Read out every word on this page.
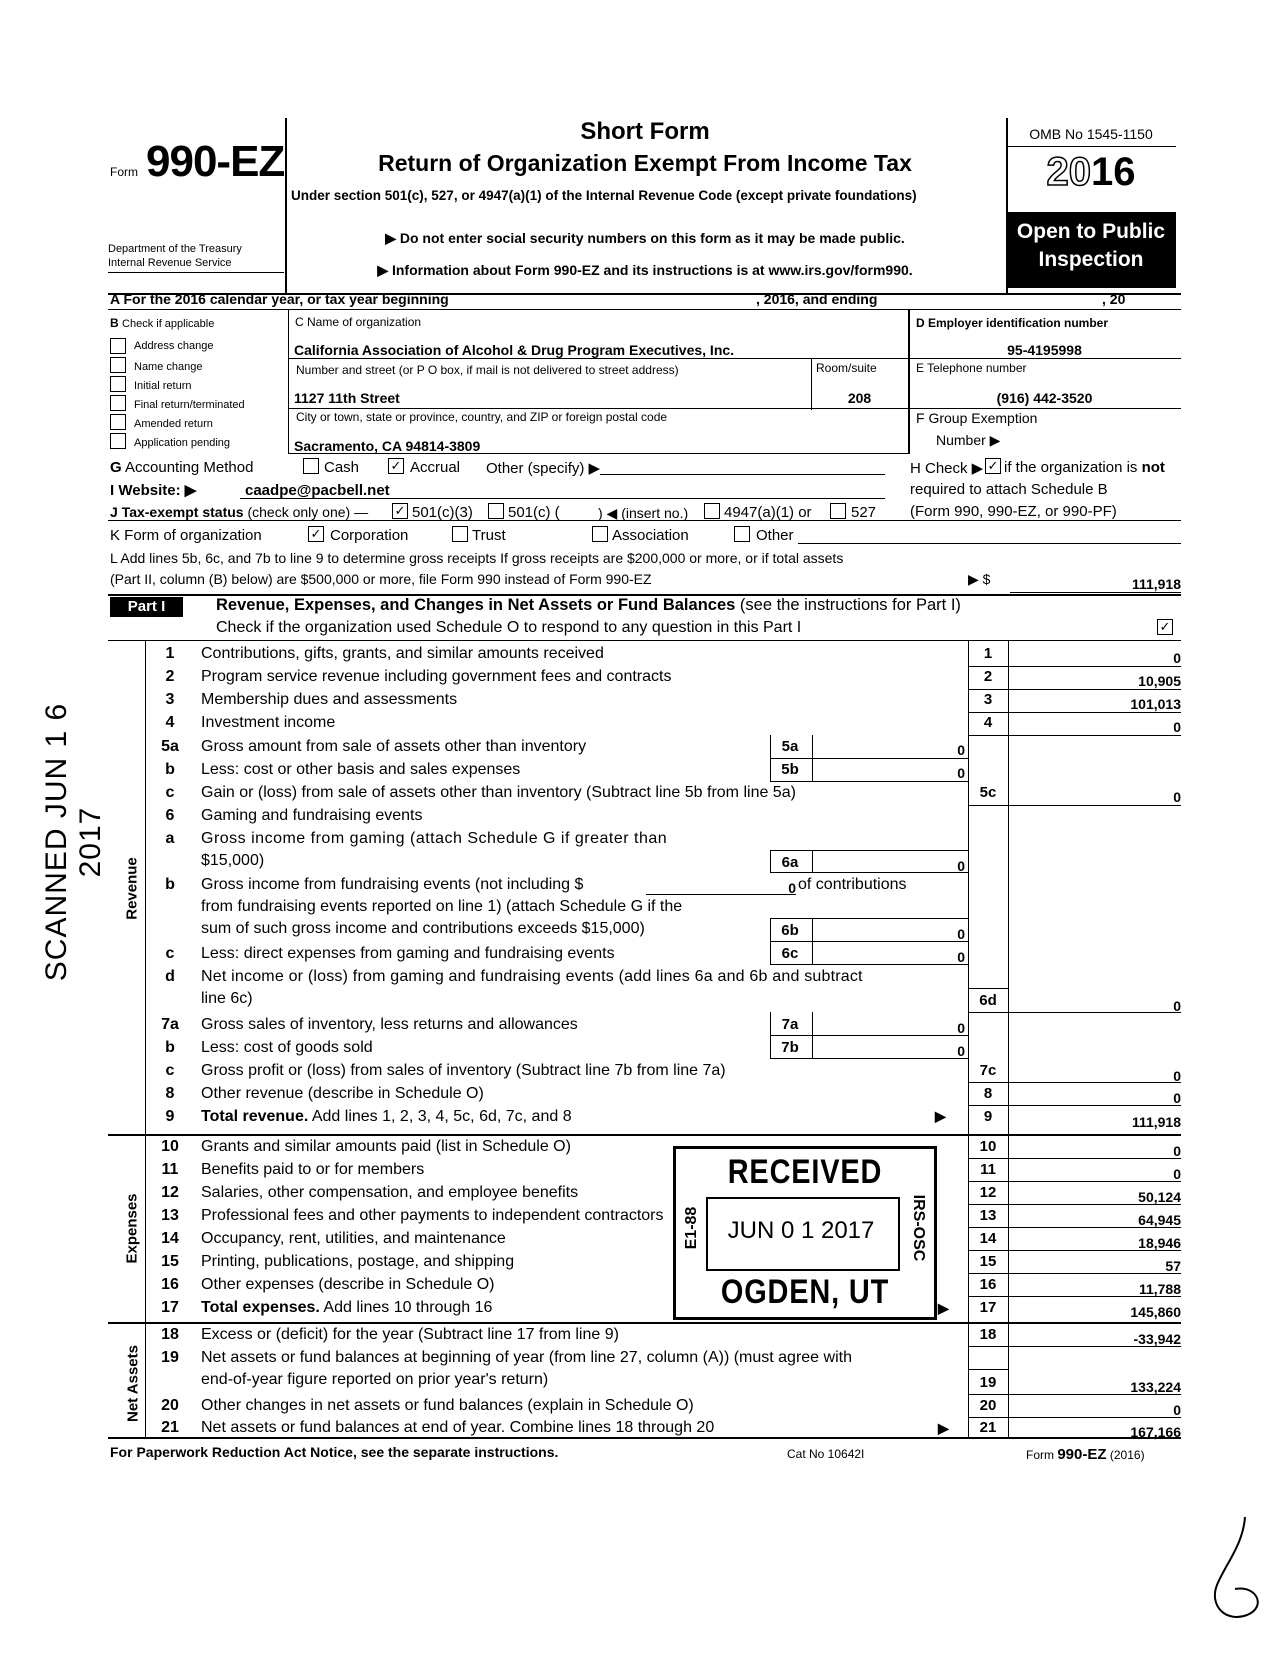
Form 990-EZ
Department of the Treasury
Internal Revenue Service
Short Form
Return of Organization Exempt From Income Tax
Under section 501(c), 527, or 4947(a)(1) of the Internal Revenue Code (except private foundations)
▶ Do not enter social security numbers on this form as it may be made public.
▶ Information about Form 990-EZ and its instructions is at www.irs.gov/form990.
OMB No 1545-1150
2016
Open to Public
Inspection
A For the 2016 calendar year, or tax year beginning	, 2016, and ending	, 20
B Check if applicable
Address change
Name change
Initial return
Final return/terminated
Amended return
Application pending
C Name of organization
California Association of Alcohol & Drug Program Executives, Inc.
Number and street (or P O box, if mail is not delivered to street address)	Room/suite
1127 11th Street	208
City or town, state or province, country, and ZIP or foreign postal code
Sacramento, CA 94814-3809
D Employer identification number
95-4195998
E Telephone number
(916) 442-3520
F Group Exemption
Number ▶
G Accounting Method	Cash ✓ Accrual Other (specify) ▶	H Check ▶ ✓ if the organization is not
required to attach Schedule B
(Form 990, 990-EZ, or 990-PF)
I Website: ▶	caadpe@pacbell.net
J Tax-exempt status (check only one) — ✓ 501(c)(3) 501(c) (	) ◀ (insert no.) 4947(a)(1) or	527
K Form of organization	✓ Corporation	Trust	Association	Other
L Add lines 5b, 6c, and 7b to line 9 to determine gross receipts If gross receipts are $200,000 or more, or if total assets
(Part II, column (B) below) are $500,000 or more, file Form 990 instead of Form 990-EZ	▶ $	111,918
Part I	Revenue, Expenses, and Changes in Net Assets or Fund Balances (see the instructions for Part I)
Check if the organization used Schedule O to respond to any question in this Part I	✓
Revenue
Expenses
Net Assets
1	Contributions, gifts, grants, and similar amounts received	1	0
2	Program service revenue including government fees and contracts	2	10,905
3	Membership dues and assessments	3	101,013
4	Investment income	4	0
5a	Gross amount from sale of assets other than inventory	5a	0
b	Less: cost or other basis and sales expenses	5b	0
c	Gain or (loss) from sale of assets other than inventory (Subtract line 5b from line 5a)	5c	0
6	Gaming and fundraising events
a	Gross income from gaming (attach Schedule G if greater than
$15,000)	6a	0
b	Gross income from fundraising events (not including $	0 of contributions
from fundraising events reported on line 1) (attach Schedule G if the
sum of such gross income and contributions exceeds $15,000)	6b	0
c	Less: direct expenses from gaming and fundraising events	6c	0
d	Net income or (loss) from gaming and fundraising events (add lines 6a and 6b and subtract
line 6c)	6d	0
7a	Gross sales of inventory, less returns and allowances	7a	0
b	Less: cost of goods sold	7b	0
c	Gross profit or (loss) from sales of inventory (Subtract line 7b from line 7a)	7c	0
8	Other revenue (describe in Schedule O)	8	0
9	Total revenue. Add lines 1, 2, 3, 4, 5c, 6d, 7c, and 8	▶	9	111,918
10	Grants and similar amounts paid (list in Schedule O)	10	0
11	Benefits paid to or for members	11	0
12	Salaries, other compensation, and employee benefits	12	50,124
13	Professional fees and other payments to independent contractors	13	64,945
14	Occupancy, rent, utilities, and maintenance	14	18,946
15	Printing, publications, postage, and shipping	15	57
16	Other expenses (describe in Schedule O)	16	11,788
17	Total expenses. Add lines 10 through 16	▶	17	145,860
18	Excess or (deficit) for the year (Subtract line 17 from line 9)	18	-33,942
19	Net assets or fund balances at beginning of year (from line 27, column (A)) (must agree with
end-of-year figure reported on prior year's return)	19	133,224
20	Other changes in net assets or fund balances (explain in Schedule O)	20	0
21	Net assets or fund balances at end of year. Combine lines 18 through 20	▶	21	167,166
RECEIVED
JUN 0 1 2017
OGDEN, UT
E1-88	IRS-OSC
SCANNED JUN 1 6 2017
For Paperwork Reduction Act Notice, see the separate instructions.	Cat No 10642I	Form 990-EZ (2016)
